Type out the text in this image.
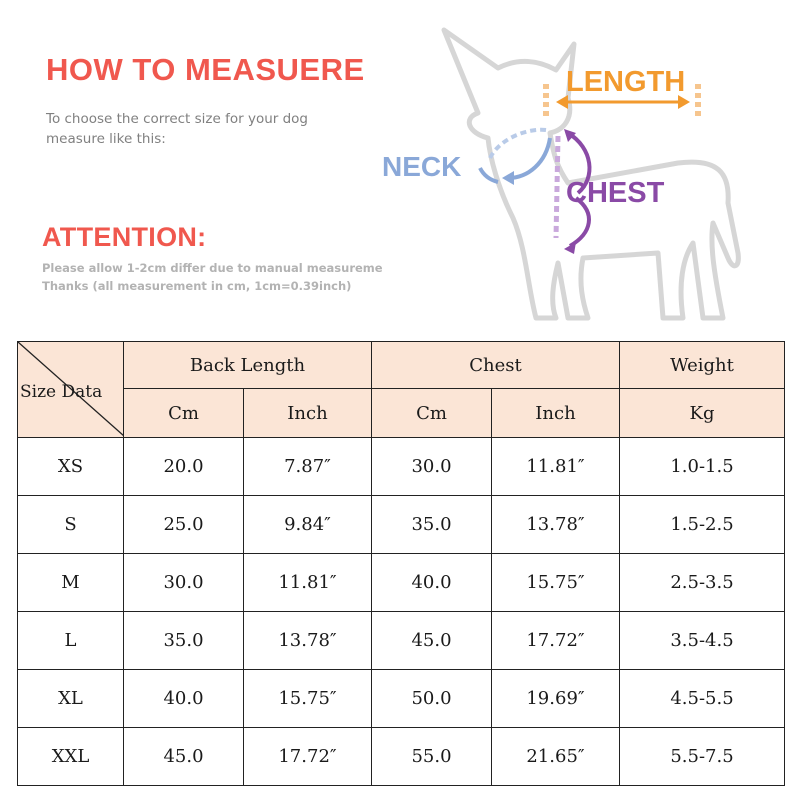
HOW TO MEASUERE
To choose the correct size for your dog
measure like this:
ATTENTION:
Please allow 1-2cm differ due to manual measureme
Thanks (all measurement in cm, 1cm=0.39inch)
LENGTH
NECK
CHEST
Size Data	Back Length		Chest		Weight
	Cm	Inch	Cm	Inch	Kg
XS	20.0	7.87″	30.0	11.81″	1.0-1.5
S	25.0	9.84″	35.0	13.78″	1.5-2.5
M	30.0	11.81″	40.0	15.75″	2.5-3.5
L	35.0	13.78″	45.0	17.72″	3.5-4.5
XL	40.0	15.75″	50.0	19.69″	4.5-5.5
XXL	45.0	17.72″	55.0	21.65″	5.5-7.5
